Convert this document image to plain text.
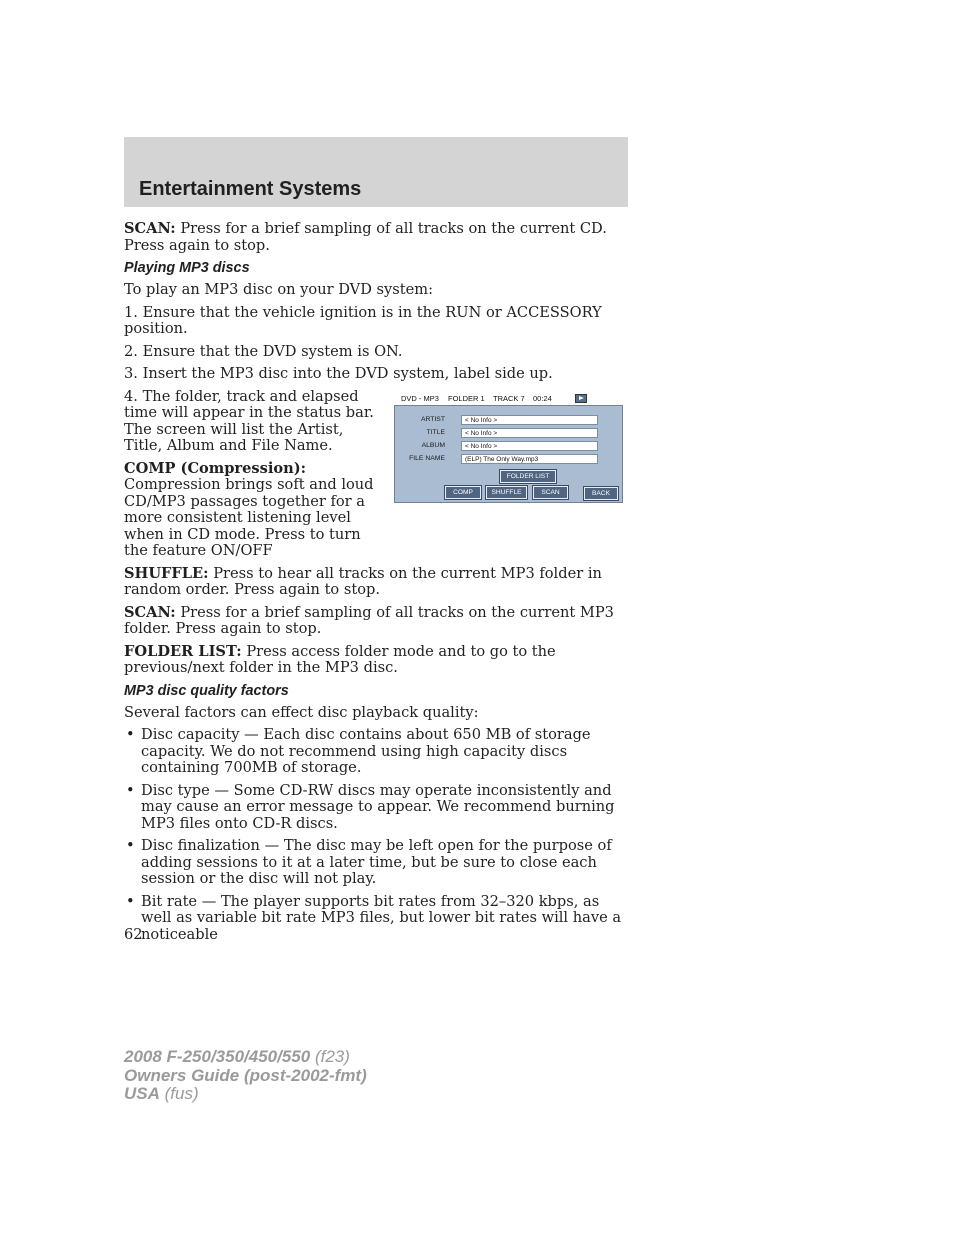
Entertainment Systems

SCAN: Press for a brief sampling of all tracks on the current CD. Press again to stop.

Playing MP3 discs

To play an MP3 disc on your DVD system:

1. Ensure that the vehicle ignition is in the RUN or ACCESSORY position.

2. Ensure that the DVD system is ON.

3. Insert the MP3 disc into the DVD system, label side up.

4. The folder, track and elapsed time will appear in the status bar. The screen will list the Artist, Title, Album and File Name.

COMP (Compression):

Compression brings soft and loud CD/MP3 passages together for a more consistent listening level when in CD mode. Press to turn the feature ON/OFF

SHUFFLE: Press to hear all tracks on the current MP3 folder in random order. Press again to stop.

SCAN: Press for a brief sampling of all tracks on the current MP3 folder. Press again to stop.

FOLDER LIST: Press access folder mode and to go to the previous/next folder in the MP3 disc.

MP3 disc quality factors

Several factors can effect disc playback quality:

• Disc capacity — Each disc contains about 650 MB of storage capacity. We do not recommend using high capacity discs containing 700MB of storage.
• Disc type — Some CD-RW discs may operate inconsistently and may cause an error message to appear. We recommend burning MP3 files onto CD-R discs.
• Disc finalization — The disc may be left open for the purpose of adding sessions to it at a later time, but be sure to close each session or the disc will not play.
• Bit rate — The player supports bit rates from 32–320 kbps, as well as variable bit rate MP3 files, but lower bit rates will have a noticeable
DVD - MP3 FOLDER 1 TRACK 7 00:24
ARTIST	< No Info >
TITLE	< No Info >
ALBUM	< No Info >
FILE NAME	(ELP) The Only Way.mp3
FOLDER LIST
COMP	SHUFFLE	SCAN	BACK
62
2008 F-250/350/450/550 (f23)
Owners Guide (post-2002-fmt)
USA (fus)
